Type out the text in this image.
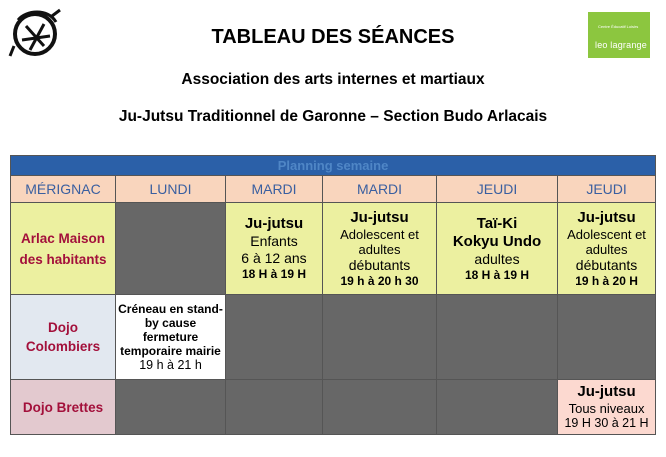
Centre Éducatif Loisirs
leo lagrange
TABLEAU DES SÉANCES
Association des arts internes et martiaux
Ju-Jutsu Traditionnel de Garonne – Section Budo Arlacais
Planning semaine					
MÉRIGNAC	LUNDI	MARDI	MARDI	JEUDI	JEUDI

Arlac Maison
des habitants		Ju-jutsu
Enfants
6 à 12 ans
18 H à 19 H	Ju-jutsu
Adolescent et
adultes
débutants
19 h à 20 h 30	Taï-Ki
Kokyu Undo
adultes
18 H à 19 H	Ju-jutsu
Adolescent et
adultes
débutants
19 h à 20 H

Dojo
Colombiers	Créneau en stand-
by cause
fermeture
temporaire mairie
19 h à 21 h				

Dojo Brettes					Ju-jutsu
Tous niveaux
19 H 30 à 21 H
